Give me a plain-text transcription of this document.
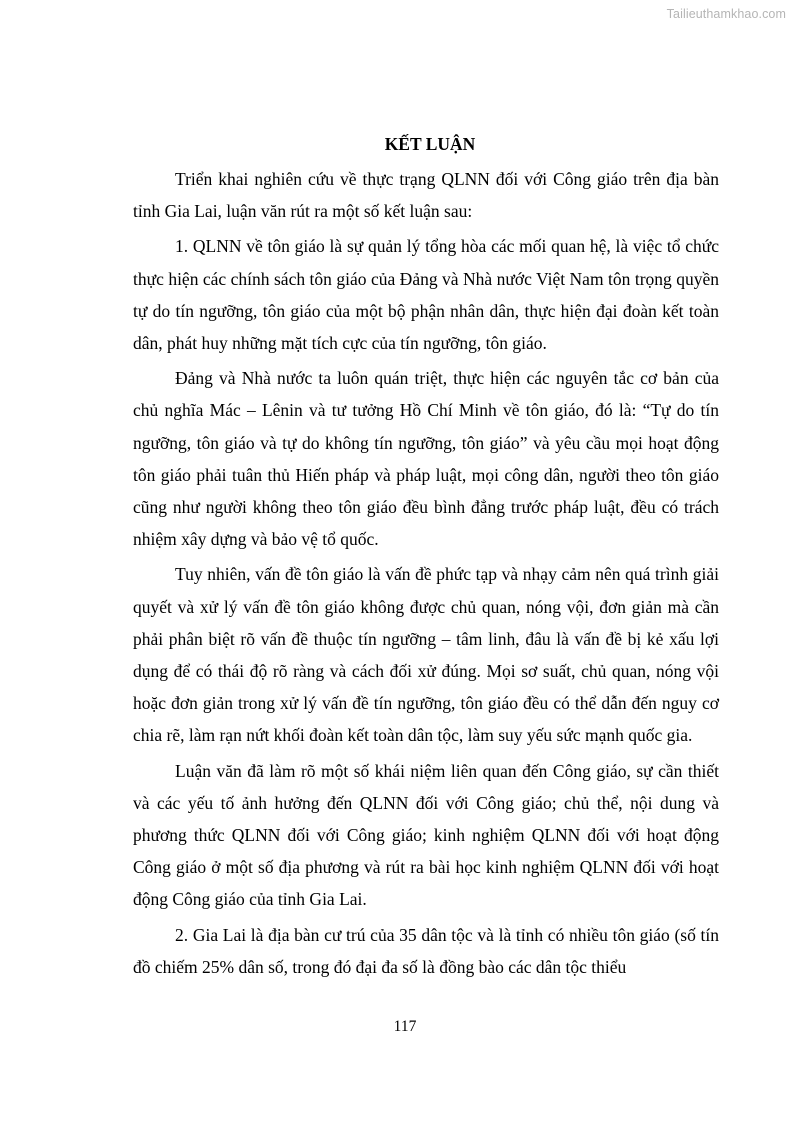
Tailieuthamkhao.com
KẾT LUẬN

Triển khai nghiên cứu về thực trạng QLNN đối với Công giáo trên địa bàn tỉnh Gia Lai, luận văn rút ra một số kết luận sau:

1. QLNN về tôn giáo là sự quản lý tổng hòa các mối quan hệ, là việc tổ chức thực hiện các chính sách tôn giáo của Đảng và Nhà nước Việt Nam tôn trọng quyền tự do tín ngưỡng, tôn giáo của một bộ phận nhân dân, thực hiện đại đoàn kết toàn dân, phát huy những mặt tích cực của tín ngưỡng, tôn giáo.

Đảng và Nhà nước ta luôn quán triệt, thực hiện các nguyên tắc cơ bản của chủ nghĩa Mác – Lênin và tư tưởng Hồ Chí Minh về tôn giáo, đó là: “Tự do tín ngưỡng, tôn giáo và tự do không tín ngưỡng, tôn giáo” và yêu cầu mọi hoạt động tôn giáo phải tuân thủ Hiến pháp và pháp luật, mọi công dân, người theo tôn giáo cũng như người không theo tôn giáo đều bình đẳng trước pháp luật, đều có trách nhiệm xây dựng và bảo vệ tổ quốc.

Tuy nhiên, vấn đề tôn giáo là vấn đề phức tạp và nhạy cảm nên quá trình giải quyết và xử lý vấn đề tôn giáo không được chủ quan, nóng vội, đơn giản mà cần phải phân biệt rõ vấn đề thuộc tín ngưỡng – tâm linh, đâu là vấn đề bị kẻ xấu lợi dụng để có thái độ rõ ràng và cách đối xử đúng. Mọi sơ suất, chủ quan, nóng vội hoặc đơn giản trong xử lý vấn đề tín ngưỡng, tôn giáo đều có thể dẫn đến nguy cơ chia rẽ, làm rạn nứt khối đoàn kết toàn dân tộc, làm suy yếu sức mạnh quốc gia.

Luận văn đã làm rõ một số khái niệm liên quan đến Công giáo, sự cần thiết và các yếu tố ảnh hưởng đến QLNN đối với Công giáo; chủ thể, nội dung và phương thức QLNN đối với Công giáo; kinh nghiệm QLNN đối với hoạt động Công giáo ở một số địa phương và rút ra bài học kinh nghiệm QLNN đối với hoạt động Công giáo của tỉnh Gia Lai.

2. Gia Lai là địa bàn cư trú của 35 dân tộc và là tỉnh có nhiều tôn giáo (số tín đồ chiếm 25% dân số, trong đó đại đa số là đồng bào các dân tộc thiểu

117
